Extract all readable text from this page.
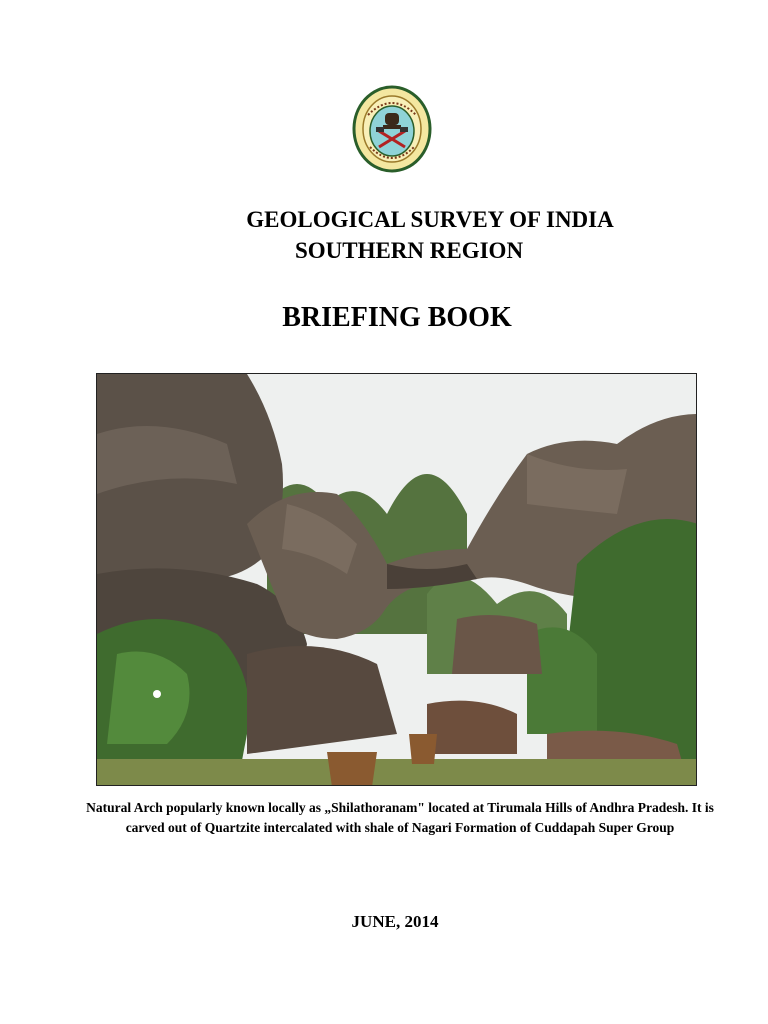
GEOLOGICAL SURVEY OF INDIA
SOUTHERN REGION
BRIEFING BOOK
Natural Arch popularly known locally as „Shilathoranam" located at Tirumala Hills of Andhra Pradesh. It is carved out of Quartzite intercalated with shale of Nagari Formation of Cuddapah Super Group
JUNE, 2014
